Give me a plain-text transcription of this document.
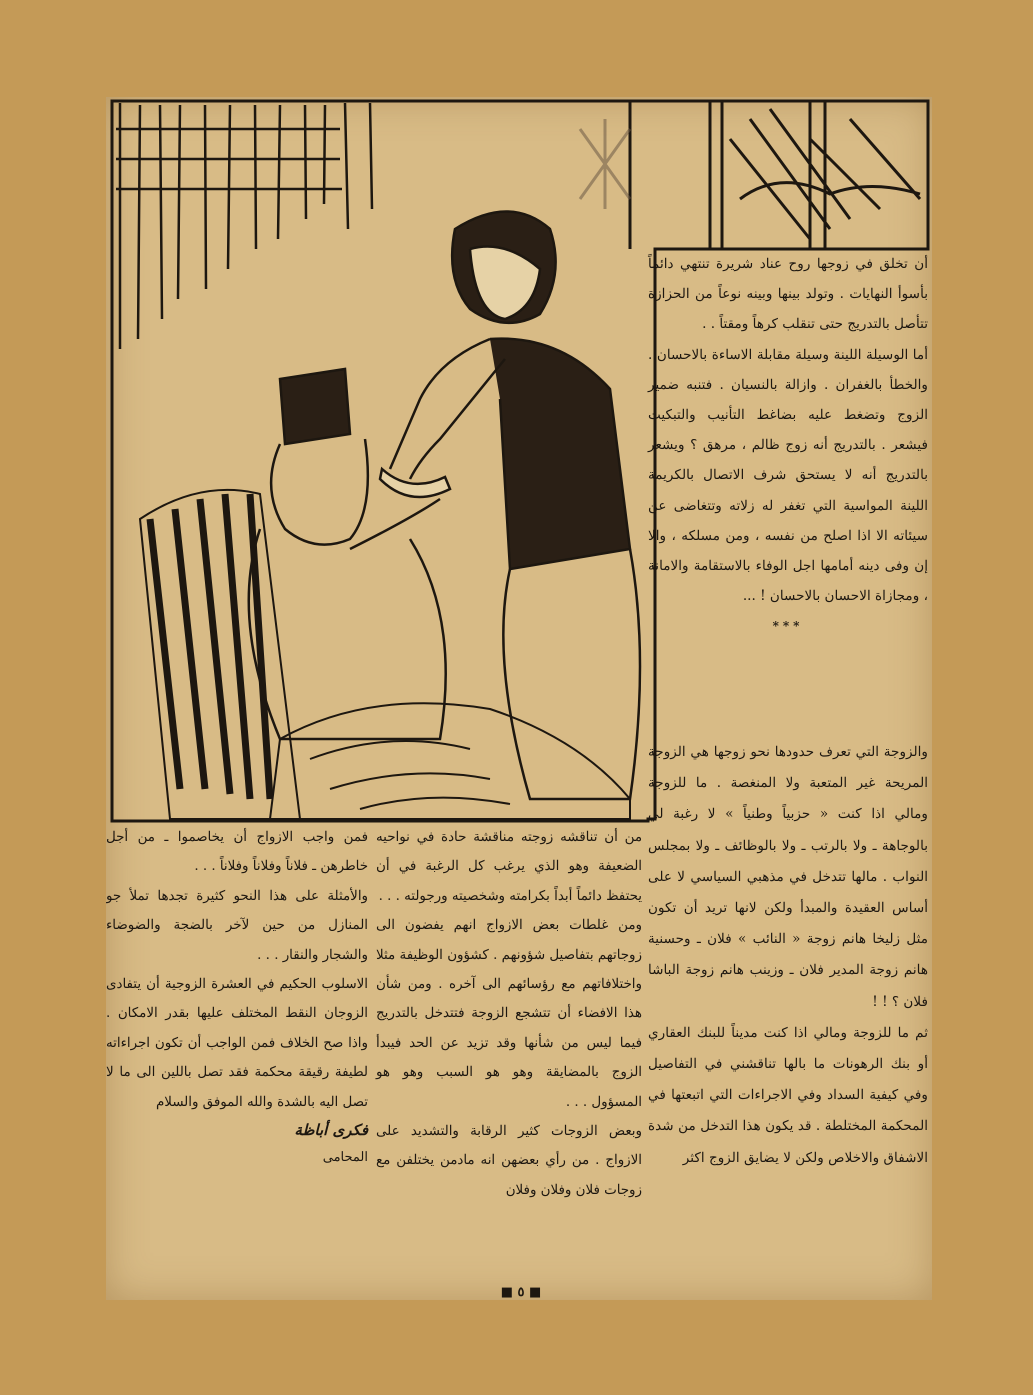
أن تخلق في زوجها روح عناد شريرة تنتهي دائماً بأسوأ النهايات . وتولد بينها وبينه نوعاً من الحزازة تتأصل بالتدريج حتى تنقلب كرهاً ومقتاً . .

أما الوسيلة اللينة وسيلة مقابلة الاساءة بالاحسان . والخطأ بالغفران . وازالة بالنسيان . فتنبه ضمير الزوج وتضغط عليه بضاغط التأنيب والتبكيت فيشعر . بالتدريج أنه زوج ظالم ، مرهق ؟ ويشعر بالتدريج أنه لا يستحق شرف الاتصال بالكريمة اللينة المواسية التي تغفر له زلاته وتتغاضى عن سيئاته الا اذا اصلح من نفسه ، ومن مسلكه ، والا إن وفى دينه أمامها اجل الوفاء بالاستقامة والامانة ، ومجازاة الاحسان بالاحسان ! ...

***

والزوجة التي تعرف حدودها نحو زوجها هي الزوجة المريحة غير المتعبة ولا المنغصة . ما للزوجة ومالي اذا كنت « حزبياً وطنياً » لا رغبة لي بالوجاهة ـ ولا بالرتب ـ ولا بالوظائف ـ ولا بمجلس النواب . مالها تتدخل في مذهبي السياسي لا على أساس العقيدة والمبدأ ولكن لانها تريد أن تكون مثل زليخا هانم زوجة « النائب » فلان ـ وحسنية هانم زوجة المدير فلان ـ وزينب هانم زوجة الباشا فلان ؟ ! !

ثم ما للزوجة ومالي اذا كنت مديناً للبنك العقاري أو بنك الرهونات ما بالها تناقشني في التفاصيل وفي كيفية السداد وفي الاجراءات التي اتبعتها في المحكمة المختلطة . قد يكون هذا التدخل من شدة الاشفاق والاخلاص ولكن لا يضايق الزوج اكثر

من أن تناقشه زوجته مناقشة حادة في نواحيه الضعيفة وهو الذي يرغب كل الرغبة في أن يحتفظ دائماً أبداً بكرامته وشخصيته ورجولته . . .

ومن غلطات بعض الازواج انهم يفضون الى زوجاتهم بتفاصيل شؤونهم . كشؤون الوظيفة مثلا واختلافاتهم مع رؤسائهم الى آخره . ومن شأن هذا الافضاء أن تتشجع الزوجة فتتدخل بالتدريج فيما ليس من شأنها وقد تزيد عن الحد فيبدأ الزوج بالمضايقة وهو هو السبب وهو هو المسؤول . . .

وبعض الزوجات كثير الرقابة والتشديد على الازواج . من رأي بعضهن انه مادمن يختلفن مع زوجات فلان وفلان وفلان

فمن واجب الازواج أن يخاصموا ـ من أجل خاطرهن ـ فلاناً وفلاناً وفلاناً . . .

والأمثلة على هذا النحو كثيرة تجدها تملأ جو المنازل من حين لآخر بالضجة والضوضاء والشجار والنقار . . .

الاسلوب الحكيم في العشرة الزوجية أن يتفادى الزوجان النقط المختلف عليها بقدر الامكان . واذا صح الخلاف فمن الواجب أن تكون اجراءاته لطيفة رقيقة محكمة فقد تصل باللين الى ما لا تصل اليه بالشدة والله الموفق والسلام

فكرى أباظة

المحامى

■ ٥ ■
